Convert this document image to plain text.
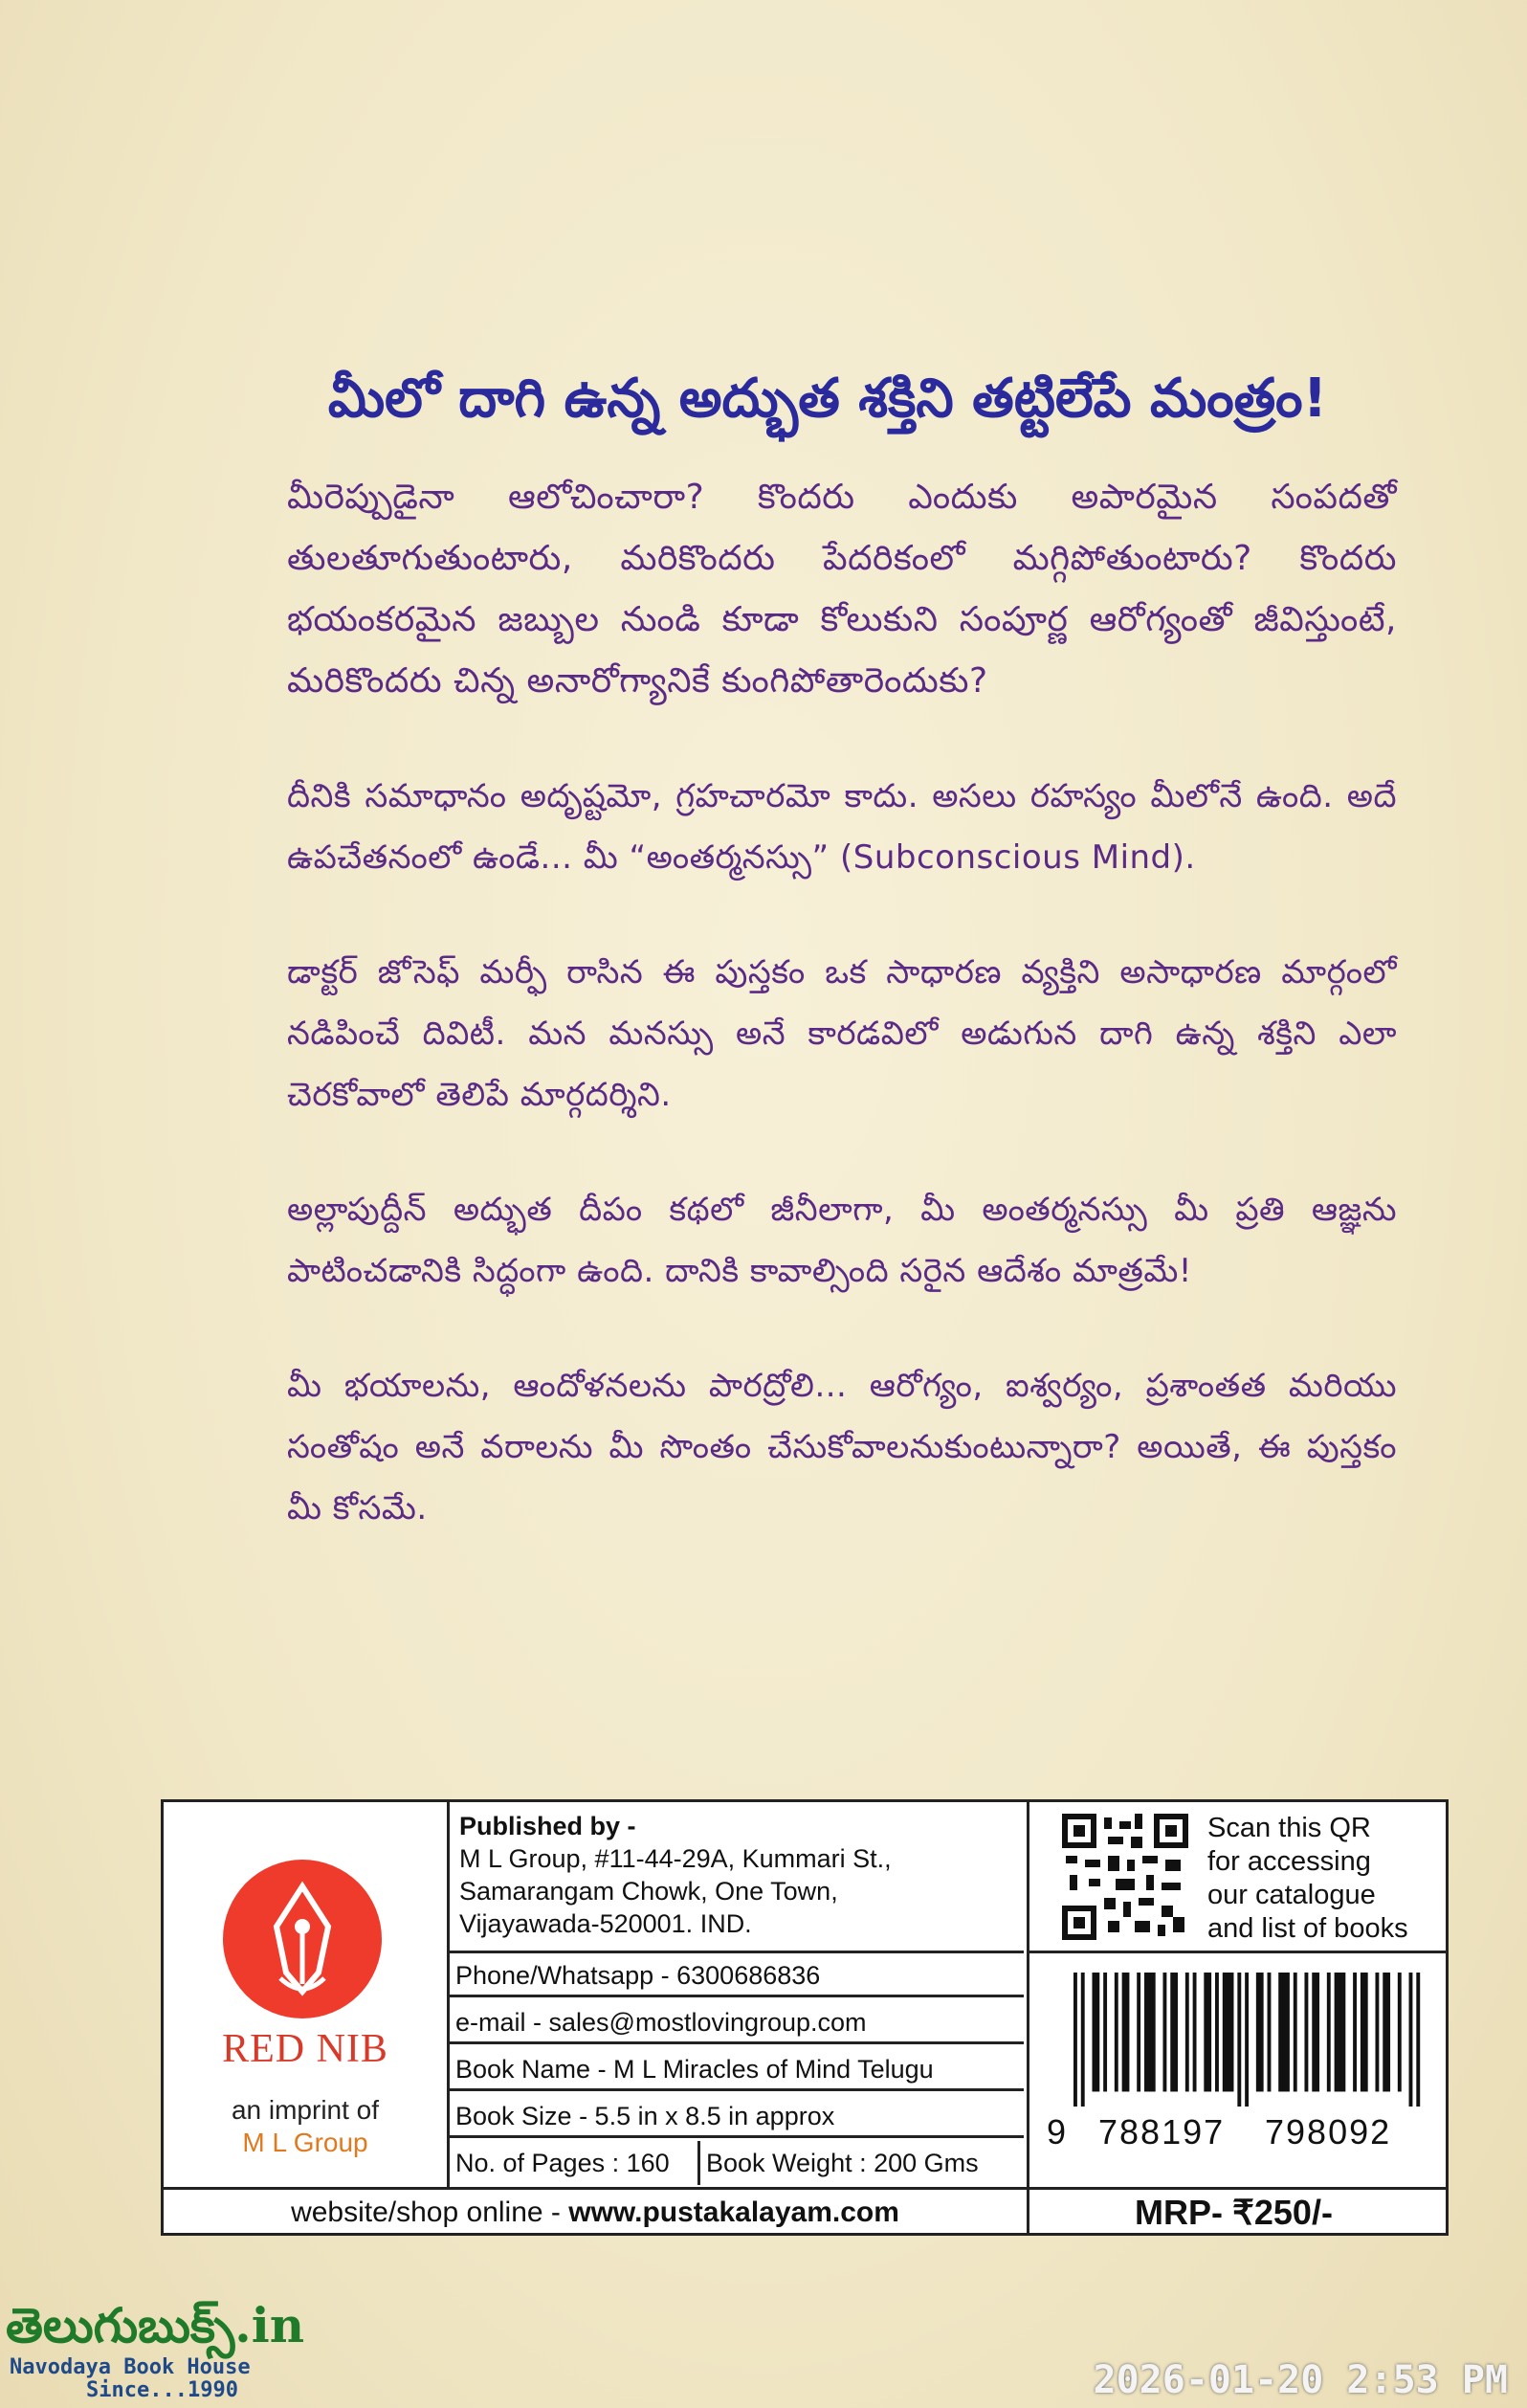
మీలో దాగి ఉన్న అద్భుత శక్తిని తట్టిలేపే మంత్రం!

మీరెప్పుడైనా ఆలోచించారా? కొందరు ఎందుకు అపారమైన సంపదతో తులతూగుతుంటారు, మరికొందరు పేదరికంలో మగ్గిపోతుంటారు? కొందరు భయంకరమైన జబ్బుల నుండి కూడా కోలుకుని సంపూర్ణ ఆరోగ్యంతో జీవిస్తుంటే, మరికొందరు చిన్న అనారోగ్యానికే కుంగిపోతారెందుకు?

దీనికి సమాధానం అదృష్టమో, గ్రహచారమో కాదు. అసలు రహస్యం మీలోనే ఉంది. అదే ఉపచేతనంలో ఉండే... మీ “అంతర్మనస్సు” (Subconscious Mind).

డాక్టర్ జోసెఫ్ మర్ఫీ రాసిన ఈ పుస్తకం ఒక సాధారణ వ్యక్తిని అసాధారణ మార్గంలో నడిపించే దివిటీ. మన మనస్సు అనే కారడవిలో అడుగున దాగి ఉన్న శక్తిని ఎలా చెరకోవాలో తెలిపే మార్గదర్శిని.

అల్లాపుద్దీన్ అద్భుత దీపం కథలో జీనీలాగా, మీ అంతర్మనస్సు మీ ప్రతి ఆజ్ఞను పాటించడానికి సిద్ధంగా ఉంది. దానికి కావాల్సింది సరైన ఆదేశం మాత్రమే!

మీ భయాలను, ఆందోళనలను పారద్రోలి... ఆరోగ్యం, ఐశ్వర్యం, ప్రశాంతత మరియు సంతోషం అనే వరాలను మీ సొంతం చేసుకోవాలనుకుంటున్నారా? అయితే, ఈ పుస్తకం మీ కోసమే.

RED NIB
an imprint of
M L Group
Published by -
M L Group, #11-44-29A, Kummari St.,
Samarangam Chowk, One Town,
Vijayawada-520001. IND.
Phone/Whatsapp - 6300686836
e-mail - sales@mostlovingroup.com
Book Name - M L Miracles of Mind Telugu
Book Size - 5.5 in x 8.5 in approx
No. of Pages : 160	Book Weight : 200 Gms
Scan this QR
for accessing
our catalogue
and list of books
9 788197 798092
website/shop online - www.pustakalayam.com	MRP- ₹250/-
తెలుగుబుక్స్.in
Navodaya Book House
Since...1990	2026-01-20 2:53 PM
